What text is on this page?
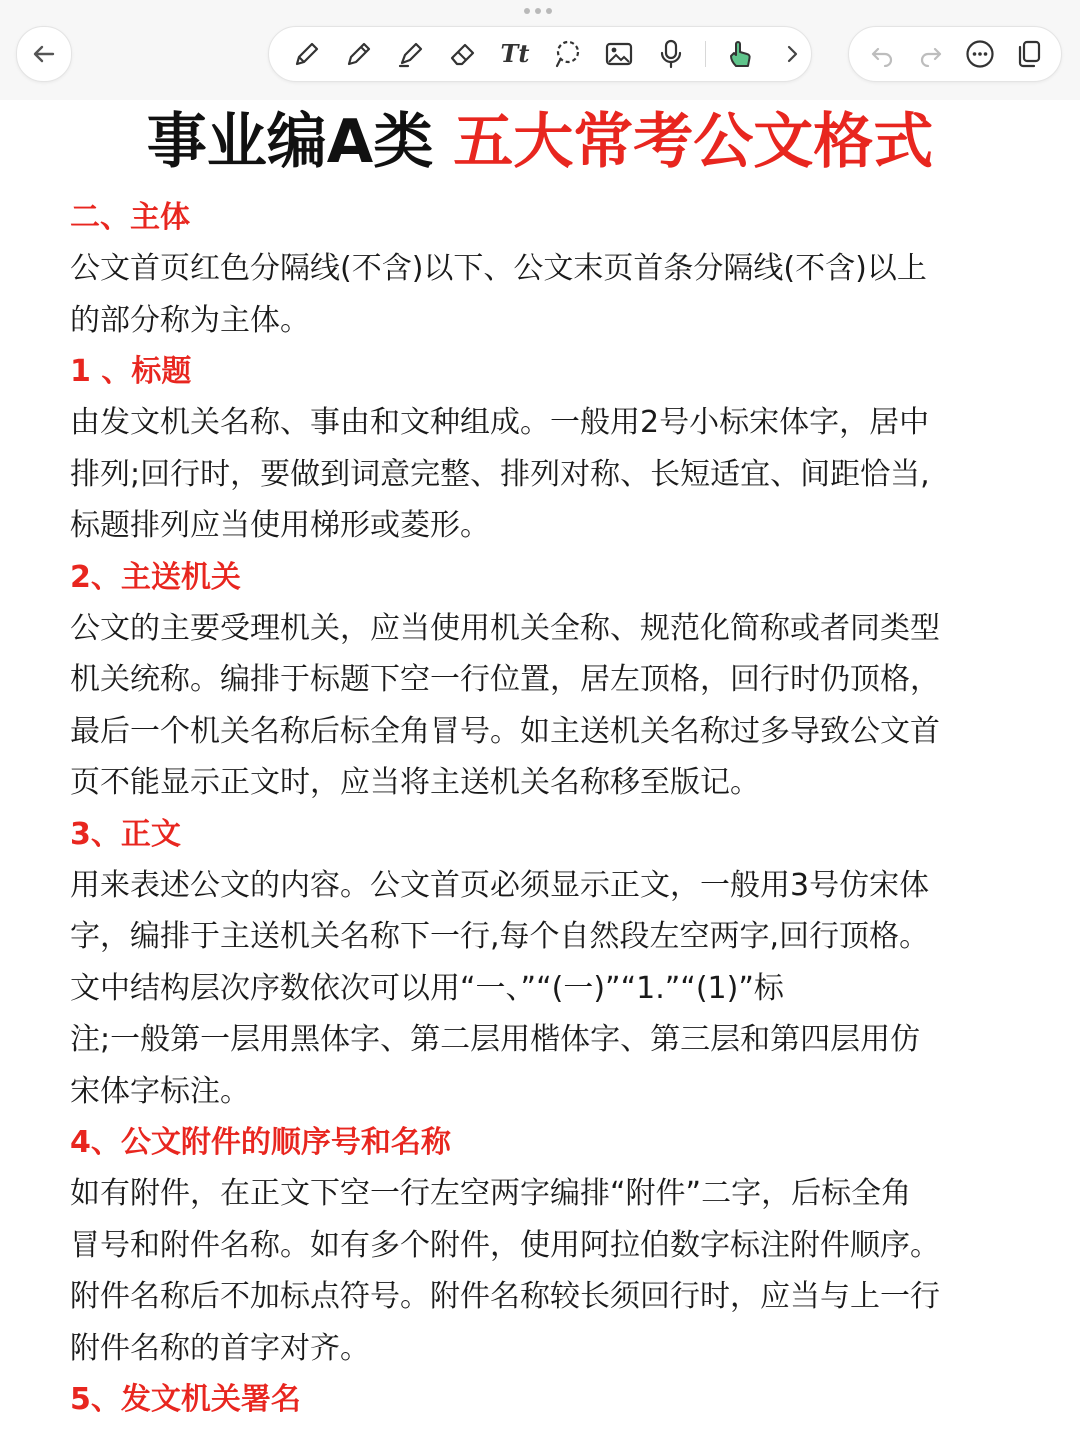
Tt
事业编A类 五大常考公文格式
二、主体
公文首页红色分隔线(不含)以下、公文末页首条分隔线(不含)以上
的部分称为主体。
1 、标题
由发文机关名称、事由和文种组成。一般用2号小标宋体字，居中
排列;回行时，要做到词意完整、排列对称、长短适宜、间距恰当,
标题排列应当使用梯形或菱形。
2、主送机关
公文的主要受理机关，应当使用机关全称、规范化简称或者同类型
机关统称。编排于标题下空一行位置，居左顶格，回行时仍顶格，
最后一个机关名称后标全角冒号。如主送机关名称过多导致公文首
页不能显示正文时，应当将主送机关名称移至版记。
3、正文
用来表述公文的内容。公文首页必须显示正文，一般用3号仿宋体
字，编排于主送机关名称下一行,每个自然段左空两字,回行顶格。
文中结构层次序数依次可以用“一、”“(一)”“1.”“(1)”标
注;一般第一层用黑体字、第二层用楷体字、第三层和第四层用仿
宋体字标注。
4、公文附件的顺序号和名称
如有附件，在正文下空一行左空两字编排“附件”二字，后标全角
冒号和附件名称。如有多个附件，使用阿拉伯数字标注附件顺序。
附件名称后不加标点符号。附件名称较长须回行时，应当与上一行
附件名称的首字对齐。
5、发文机关署名
